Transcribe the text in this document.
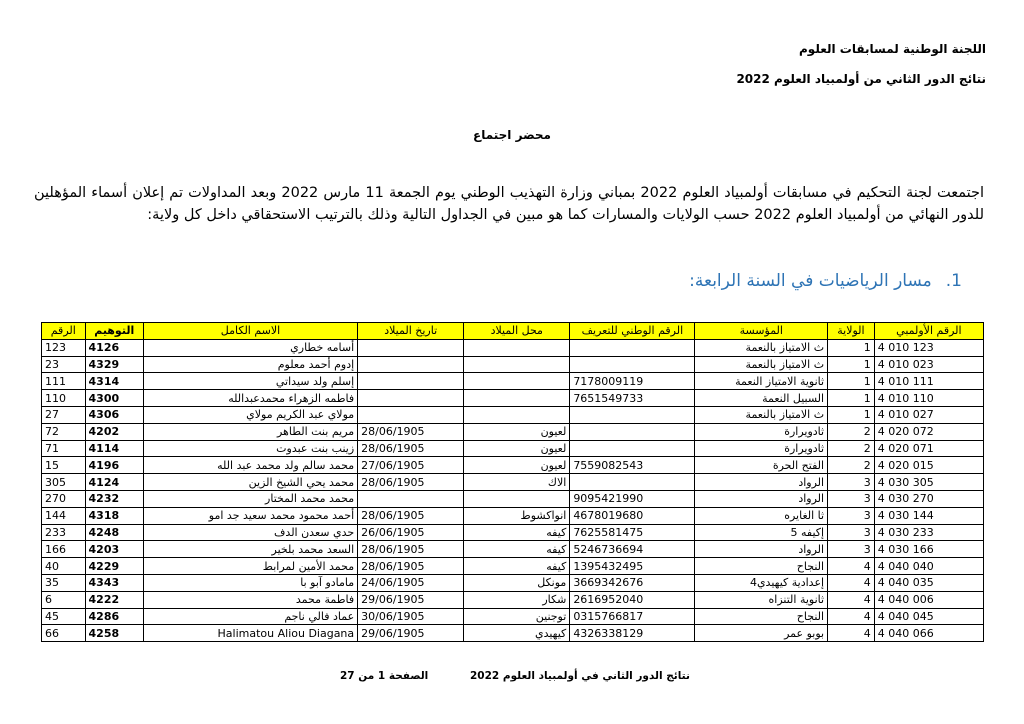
اللجنة الوطنية لمسابقات العلوم
نتائج الدور الثاني من أولمبياد العلوم 2022
محضر اجتماع
اجتمعت لجنة التحكيم في مسابقات أولمبياد العلوم 2022 بمباني وزارة التهذيب الوطني يوم الجمعة 11 مارس 2022 وبعد المداولات تم إعلان أسماء المؤهلين للدور النهائي من أولمبياد العلوم 2022 حسب الولايات والمسارات كما هو مبين في الجداول التالية وذلك بالترتيب الاستحقاقي داخل كل ولاية:
1.مسار الرياضيات في السنة الرابعة:
الرقم الأولمبي	الولاية	المؤسسة	الرقم الوطني للتعريف	محل الميلاد	تاريخ الميلاد	الاسم الكامل	التوهيم	الرقم
4 010 123	1	ث الامتياز بالنعمة				أسامه خطاري	4126	123
4 010 023	1	ث الامتياز بالنعمة				إدوم أحمد معلوم	4329	23
4 010 111	1	ثانوية الامتياز النعمة	7178009119			إسلم ولد سيداتي	4314	111
4 010 110	1	السبيل النعمة	7651549733			فاطمه الزهراء محمدعبدالله	4300	110
4 010 027	1	ث الامتياز بالنعمة				مولاي عبد الكريم مولاي	4306	27
4 020 072	2	ثادويرارة		لعيون	28/06/1905	مريم بنت الطاهر	4202	72
4 020 071	2	ثادويرارة		لعيون	28/06/1905	زينب بنت عبدوت	4114	71
4 020 015	2	الفتح الحرة	7559082543	لعيون	27/06/1905	محمد سالم ولد محمد عبد الله	4196	15
4 030 305	3	الرواد		الاك	28/06/1905	محمد يحي الشيخ الزين	4124	305
4 030 270	3	الرواد	9095421990			محمد محمد المختار	4232	270
4 030 144	3	ثا الغايره	4678019680	انواكشوط	28/06/1905	أحمد محمود محمد سعيد جد امو	4318	144
4 030 233	3	إكيفه 5	7625581475	كيفه	26/06/1905	حدي سعدن الدف	4248	233
4 030 166	3	الرواد	5246736694	كيفه	28/06/1905	السعد محمد بلخير	4203	166
4 040 040	4	النجاح	1395432495	كيفه	28/06/1905	محمد الأمين لمرابط	4229	40
4 040 035	4	إعدادية كيهيدي4	3669342676	مونكل	24/06/1905	مامادو آبو با	4343	35
4 040 006	4	ثانوية التنزاه	2616952040	شكار	29/06/1905	فاطمة محمد	4222	6
4 040 045	4	النجاح	0315766817	توجنين	30/06/1905	عماد فالي ناجم	4286	45
4 040 066	4	بوبو عمر	4326338129	كيهيدي	29/06/1905	Halimatou Aliou Diagana	4258	66
نتائج الدور الثاني في أولمبياد العلوم 2022
الصفحة 1 من 27
